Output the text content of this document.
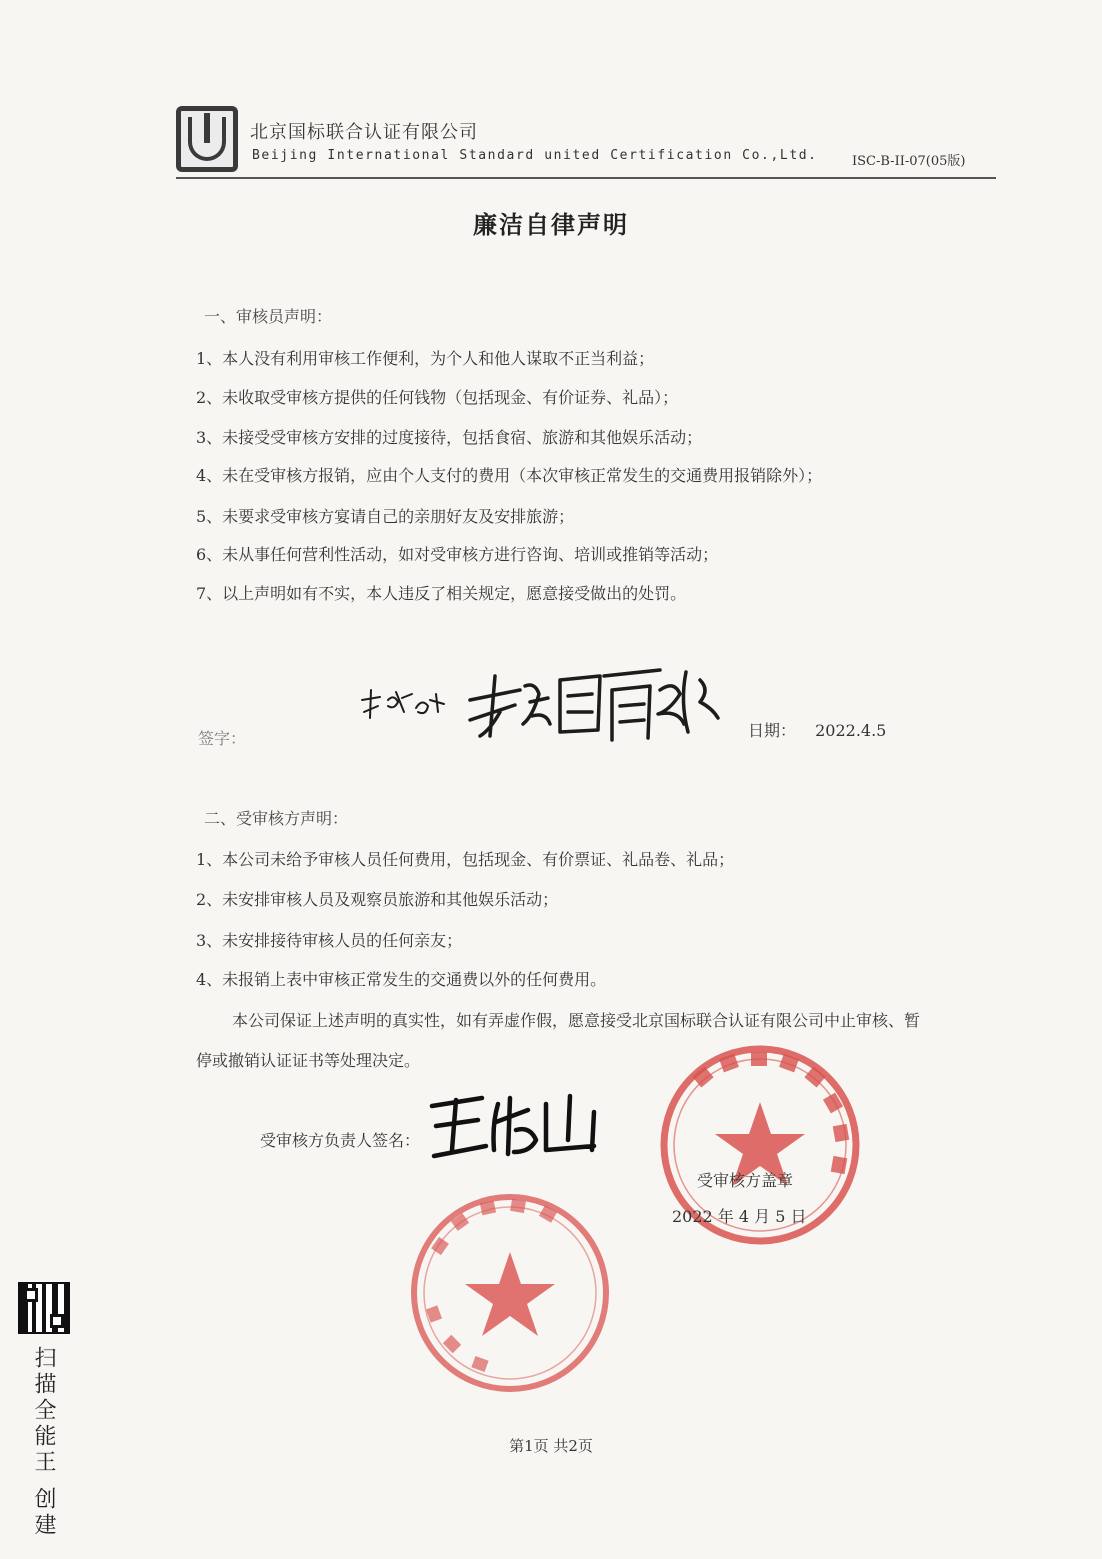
北京国标联合认证有限公司
Beijing International Standard united Certification Co.,Ltd.	ISC-B-II-07(05版)
廉洁自律声明
一、审核员声明：
1、本人没有利用审核工作便利，为个人和他人谋取不正当利益；
2、未收取受审核方提供的任何钱物（包括现金、有价证券、礼品）；
3、未接受受审核方安排的过度接待，包括食宿、旅游和其他娱乐活动；
4、未在受审核方报销，应由个人支付的费用（本次审核正常发生的交通费用报销除外）；
5、未要求受审核方宴请自己的亲朋好友及安排旅游；
6、未从事任何营利性活动，如对受审核方进行咨询、培训或推销等活动；
7、以上声明如有不实，本人违反了相关规定，愿意接受做出的处罚。
签字：	日期： 2022.4.5
二、受审核方声明：
1、本公司未给予审核人员任何费用，包括现金、有价票证、礼品卷、礼品；
2、未安排审核人员及观察员旅游和其他娱乐活动；
3、未安排接待审核人员的任何亲友；
4、未报销上表中审核正常发生的交通费以外的任何费用。
本公司保证上述声明的真实性，如有弄虚作假，愿意接受北京国标联合认证有限公司中止审核、暂
停或撤销认证证书等处理决定。
受审核方负责人签名：
受审核方盖章
2022 年 4 月 5 日
第1页 共2页
扫描全能王 创建
